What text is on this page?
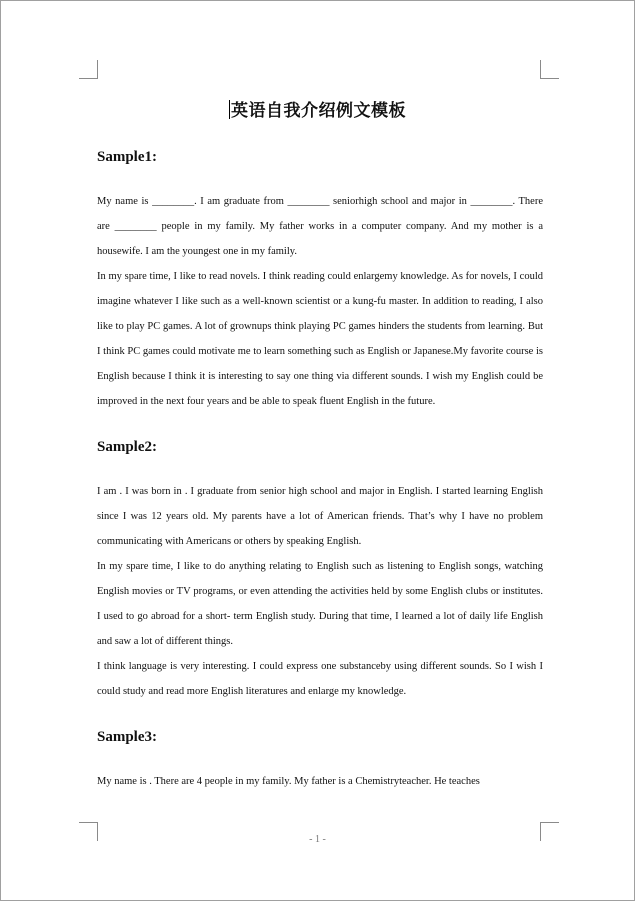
英语自我介绍例文模板

Sample1:

My name is ________. I am graduate from ________ seniorhigh school and major in ________. There are ________ people in my family. My father works in a computer company. And my mother is a housewife. I am the youngest one in my family.

In my spare time, I like to read novels. I think reading could enlargemy knowledge. As for novels, I could imagine whatever I like such as a well-known scientist or a kung-fu master. In addition to reading, I also like to play PC games. A lot of grownups think playing PC games hinders the students from learning. But I think PC games could motivate me to learn something such as English or Japanese.My favorite course is English because I think it is interesting to say one thing via different sounds. I wish my English could be improved in the next four years and be able to speak fluent English in the future.

Sample2:

I am . I was born in . I graduate from senior high school and major in English. I started learning English since I was 12 years old. My parents have a lot of American friends. That’s why I have no problem communicating with Americans or others by speaking English.

In my spare time, I like to do anything relating to English such as listening to English songs, watching English movies or TV programs, or even attending the activities held by some English clubs or institutes. I used to go abroad for a short- term English study. During that time, I learned a lot of daily life English and saw a lot of different things.

I think language is very interesting. I could express one substanceby using different sounds. So I wish I could study and read more English literatures and enlarge my knowledge.

Sample3:

My name is . There are 4 people in my family. My father is a Chemistryteacher. He teaches

- 1 -
